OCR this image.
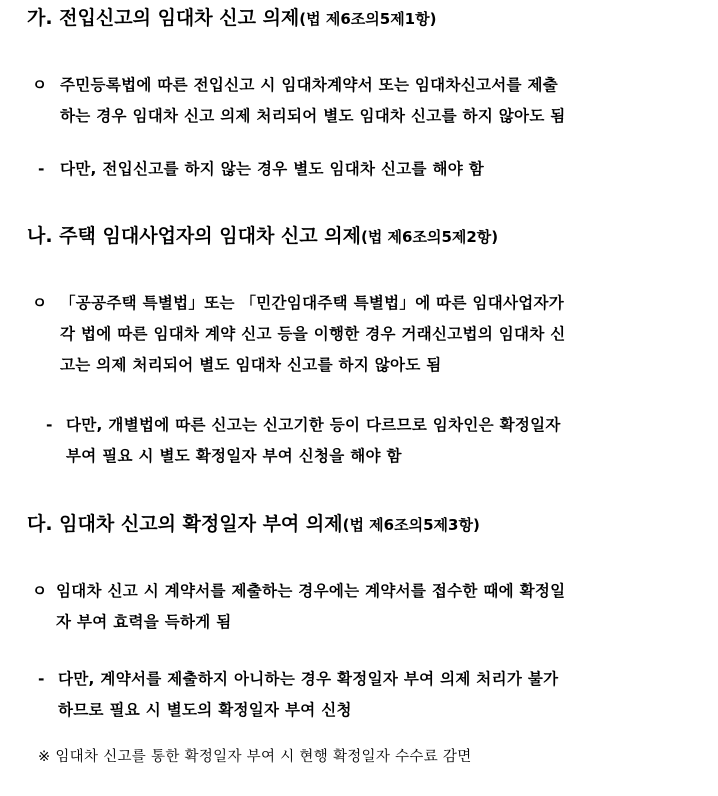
가. 전입신고의 임대차 신고 의제(법 제6조의5제1항)
ㅇ 주민등록법에 따른 전입신고 시 임대차계약서 또는 임대차신고서를 제출
하는 경우 임대차 신고 의제 처리되어 별도 임대차 신고를 하지 않아도 됨
- 다만, 전입신고를 하지 않는 경우 별도 임대차 신고를 해야 함
나. 주택 임대사업자의 임대차 신고 의제(법 제6조의5제2항)
ㅇ 「공공주택 특별법」또는 「민간임대주택 특별법」에 따른 임대사업자가
각 법에 따른 임대차 계약 신고 등을 이행한 경우 거래신고법의 임대차 신
고는 의제 처리되어 별도 임대차 신고를 하지 않아도 됨
- 다만, 개별법에 따른 신고는 신고기한 등이 다르므로 임차인은 확정일자
부여 필요 시 별도 확정일자 부여 신청을 해야 함
다. 임대차 신고의 확정일자 부여 의제(법 제6조의5제3항)
ㅇ 임대차 신고 시 계약서를 제출하는 경우에는 계약서를 접수한 때에 확정일
자 부여 효력을 득하게 됨
- 다만, 계약서를 제출하지 아니하는 경우 확정일자 부여 의제 처리가 불가
하므로 필요 시 별도의 확정일자 부여 신청
※ 임대차 신고를 통한 확정일자 부여 시 현행 확정일자 수수료 감면
